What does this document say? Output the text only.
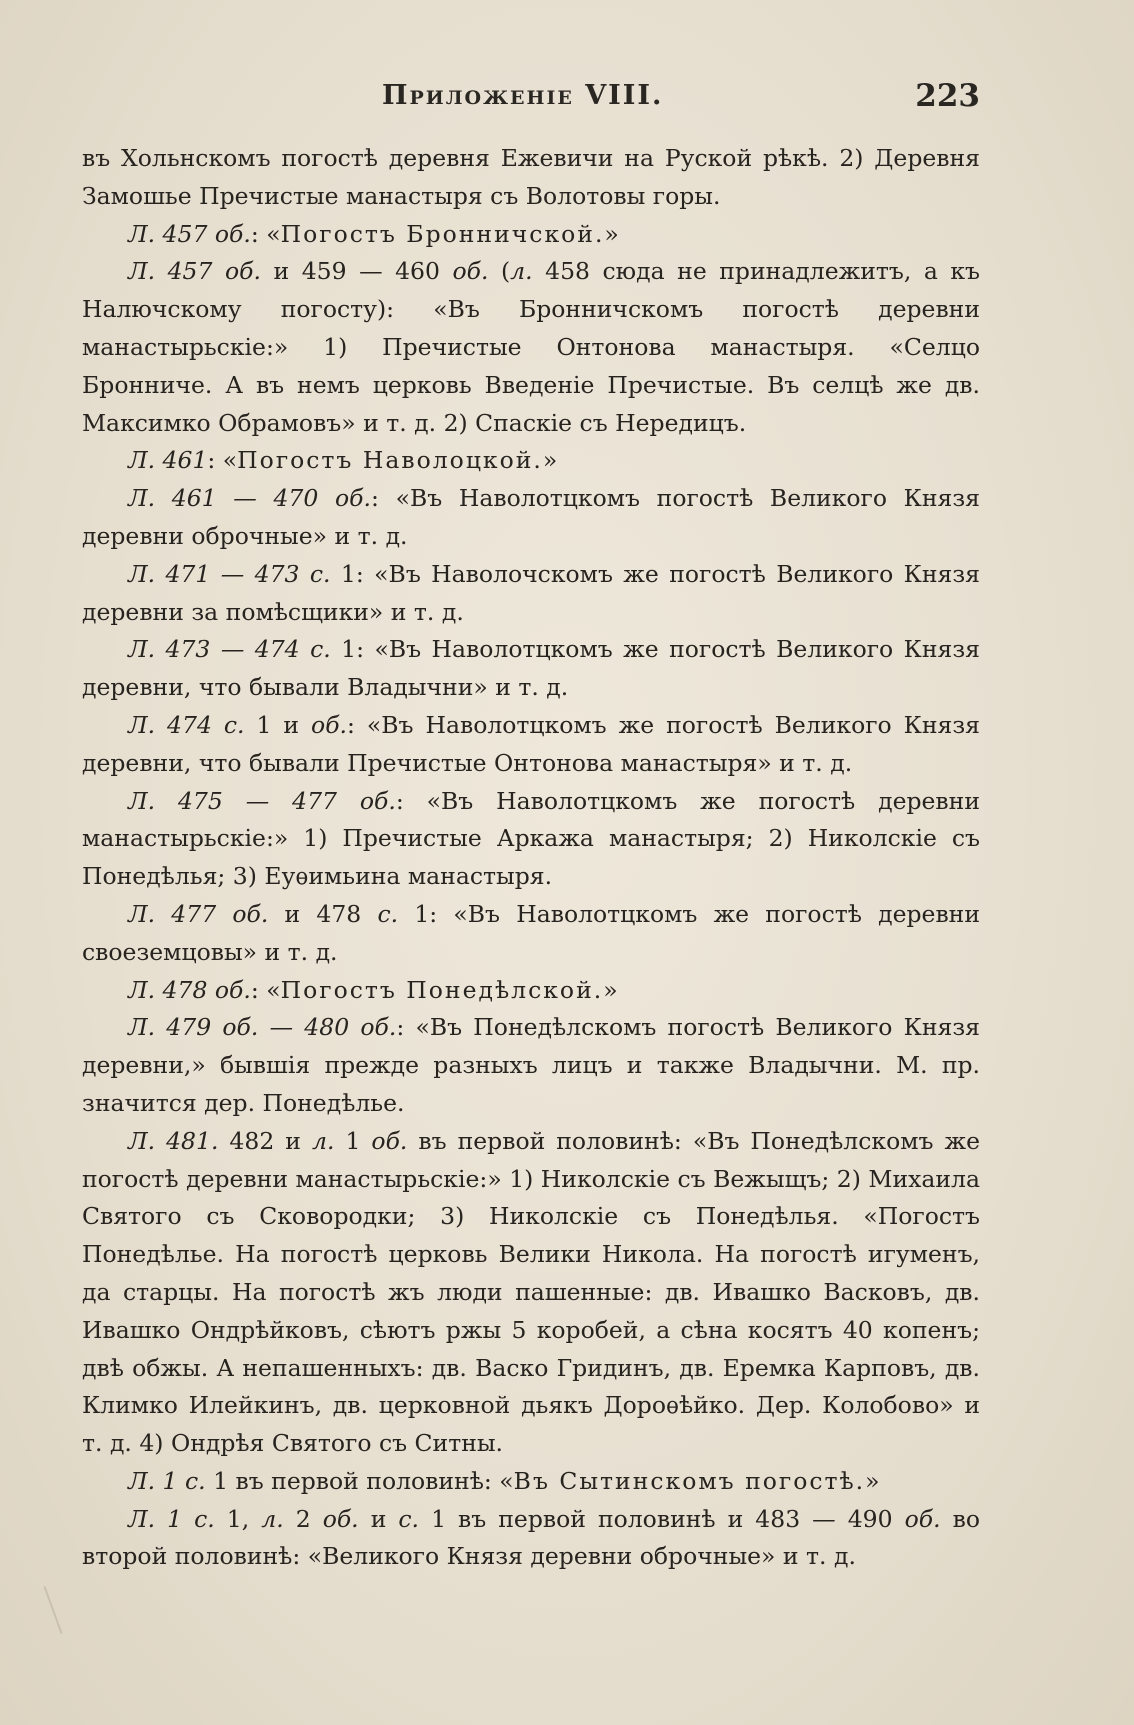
Приложеніе VIII.	223

въ Хольнскомъ погостѣ деревня Ежевичи на Руской рѣкѣ. 2) Деревня Замошье Пречистые манастыря съ Волотовы горы.

Л. 457 об.: «Погостъ Бронничской.»

Л. 457 об. и 459 — 460 об. (л. 458 сюда не принадлежитъ, а къ Налючскому погосту): «Въ Бронничскомъ погостѣ деревни манастырьскіе:» 1) Пречистые Онтонова манастыря. «Селцо Бронниче. А въ немъ церковь Введеніе Пречистые. Въ селцѣ же дв. Максимко Обрамовъ» и т. д. 2) Спаскіе съ Нередицъ.

Л. 461: «Погостъ Наволоцкой.»

Л. 461 — 470 об.: «Въ Наволотцкомъ погостѣ Великого Князя деревни оброчные» и т. д.

Л. 471 — 473 с. 1: «Въ Наволочскомъ же погостѣ Великого Князя деревни за помѣсщики» и т. д.

Л. 473 — 474 с. 1: «Въ Наволотцкомъ же погостѣ Великого Князя деревни, что бывали Владычни» и т. д.

Л. 474 с. 1 и об.: «Въ Наволотцкомъ же погостѣ Великого Князя деревни, что бывали Пречистые Онтонова манастыря» и т. д.

Л. 475 — 477 об.: «Въ Наволотцкомъ же погостѣ деревни манастырьскіе:» 1) Пречистые Аркажа манастыря; 2) Николскіе съ Понедѣлья; 3) Еуѳимьина манастыря.

Л. 477 об. и 478 с. 1: «Въ Наволотцкомъ же погостѣ деревни своеземцовы» и т. д.

Л. 478 об.: «Погостъ Понедѣлской.»

Л. 479 об. — 480 об.: «Въ Понедѣлскомъ погостѣ Великого Князя деревни,» бывшія прежде разныхъ лицъ и также Владычни. М. пр. значится дер. Понедѣлье.

Л. 481. 482 и л. 1 об. въ первой половинѣ: «Въ Понедѣлскомъ же погостѣ деревни манастырьскіе:» 1) Николскіе съ Вежыщъ; 2) Михаила Святого съ Сковородки; 3) Николскіе съ Понедѣлья. «Погостъ Понедѣлье. На погостѣ церковь Велики Никола. На погостѣ игуменъ, да старцы. На погостѣ жъ люди пашенные: дв. Ивашко Васковъ, дв. Ивашко Ондрѣйковъ, сѣютъ ржы 5 коробей, а сѣна косятъ 40 копенъ; двѣ обжы. А непашенныхъ: дв. Васко Гридинъ, дв. Еремка Карповъ, дв. Климко Илейкинъ, дв. церковной дьякъ Дороѳѣйко. Дер. Колобово» и т. д. 4) Ондрѣя Святого съ Ситны.

Л. 1 с. 1 въ первой половинѣ: «Въ Сытинскомъ погостѣ.»

Л. 1 с. 1, л. 2 об. и с. 1 въ первой половинѣ и 483 — 490 об. во второй половинѣ: «Великого Князя деревни оброчные» и т. д.
